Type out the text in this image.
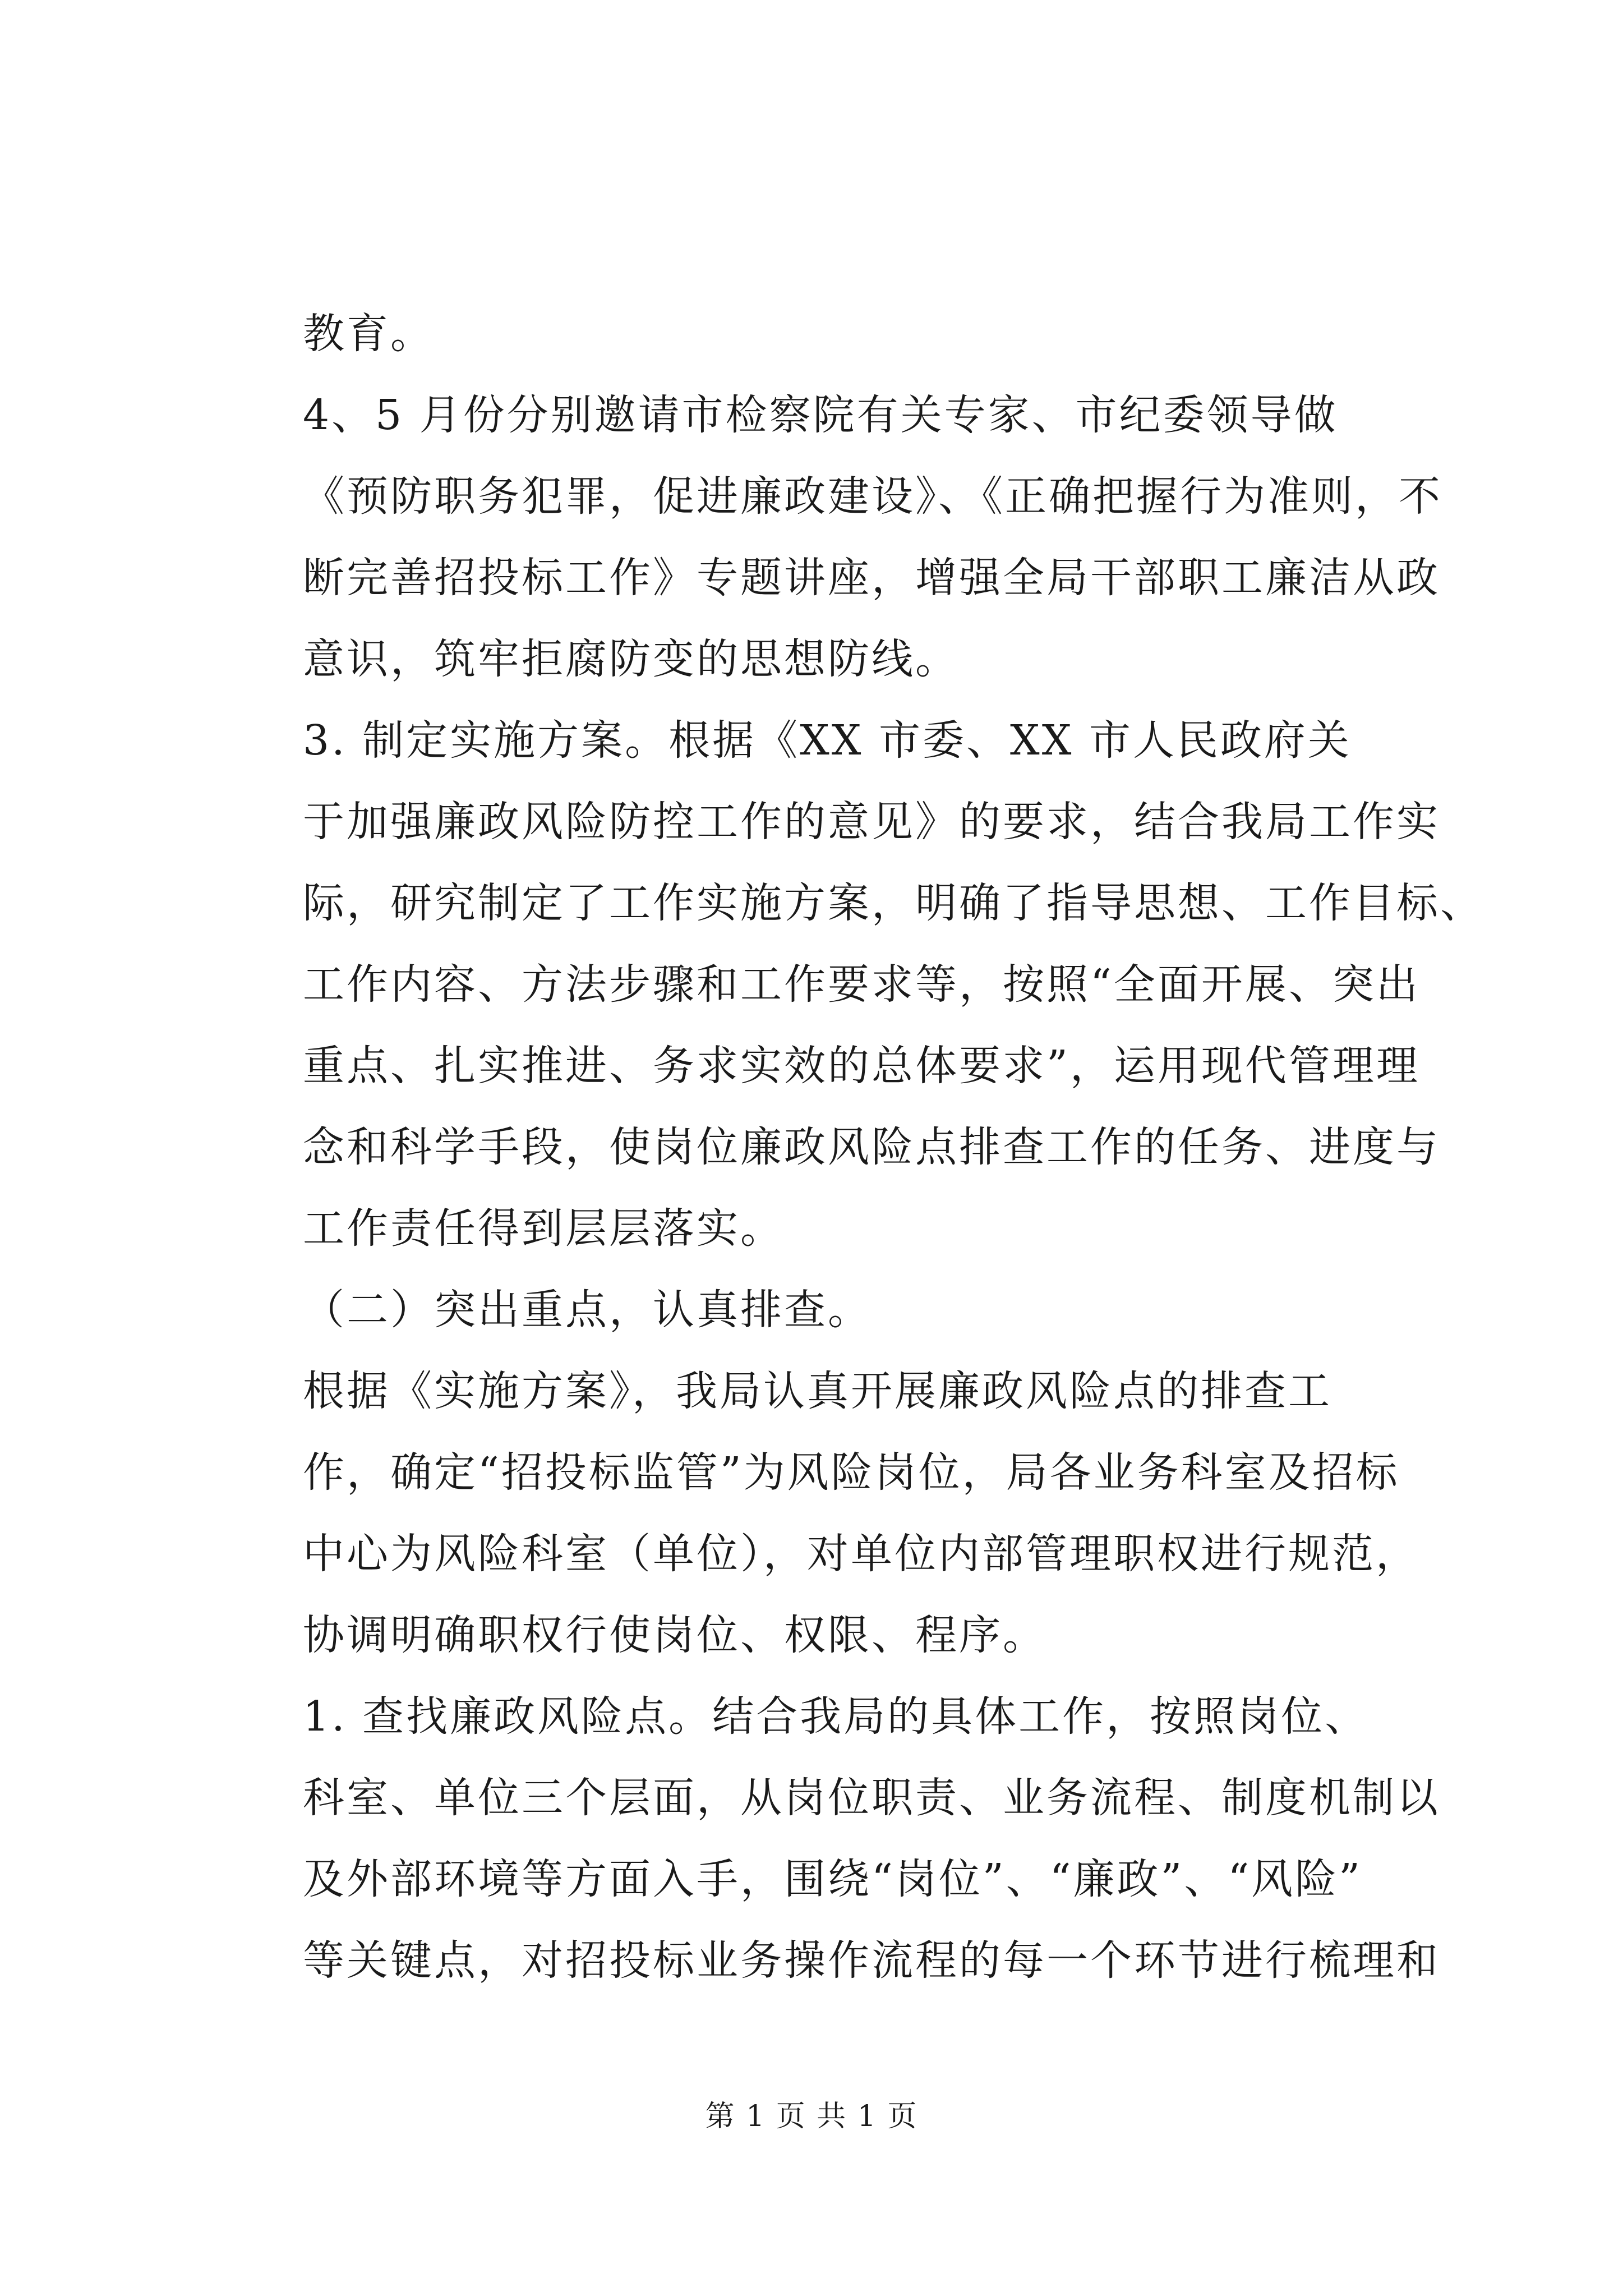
教育。
4、5 月份分别邀请市检察院有关专家、市纪委领导做
《预防职务犯罪，促进廉政建设》、《正确把握行为准则，不
断完善招投标工作》专题讲座，增强全局干部职工廉洁从政
意识，筑牢拒腐防变的思想防线。
3. 制定实施方案。根据《XX 市委、XX 市人民政府关
于加强廉政风险防控工作的意见》的要求，结合我局工作实
际，研究制定了工作实施方案，明确了指导思想、工作目标、
工作内容、方法步骤和工作要求等，按照“全面开展、突出
重点、扎实推进、务求实效的总体要求”，运用现代管理理
念和科学手段，使岗位廉政风险点排查工作的任务、进度与
工作责任得到层层落实。
（二）突出重点，认真排查。
根据《实施方案》，我局认真开展廉政风险点的排查工
作，确定“招投标监管”为风险岗位，局各业务科室及招标
中心为风险科室（单位），对单位内部管理职权进行规范，
协调明确职权行使岗位、权限、程序。
1. 查找廉政风险点。结合我局的具体工作，按照岗位、
科室、单位三个层面，从岗位职责、业务流程、制度机制以
及外部环境等方面入手，围绕“岗位”、“廉政”、“风险”
等关键点，对招投标业务操作流程的每一个环节进行梳理和
第 1 页 共 1 页
